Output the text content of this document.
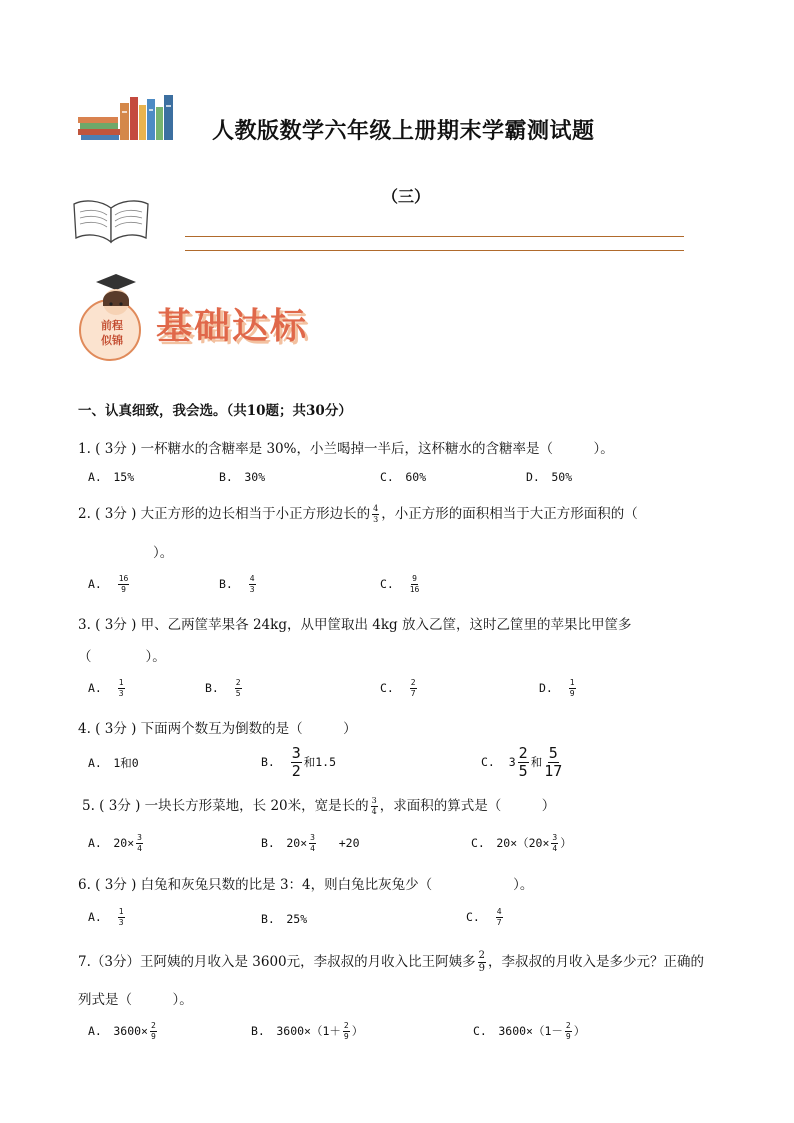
人教版数学六年级上册期末学霸测试题
（三）
前程
似锦 基础达标
一、认真细致，我会选。（共10题；共30分）
1. ( 3分 ) 一杯糖水的含糖率是 30%，小兰喝掉一半后，这杯糖水的含糖率是（　　　）。
A.　15%	B.　30%	C.　60%	D.　50%
2. ( 3分 ) 大正方形的边长相当于小正方形边长的 $\frac{4}{3}$ ，小正方形的面积相当于大正方形面积的（
）。
A. $\frac{16}{9}$	B. $\frac{4}{3}$	C. $\frac{9}{16}$
3. ( 3分 ) 甲、乙两筐苹果各 24kg，从甲筐取出 4kg 放入乙筐，这时乙筐里的苹果比甲筐多
（　　　　）。
A. $\frac{1}{3}$	B. $\frac{2}{5}$	C. $\frac{2}{7}$	D. $\frac{1}{9}$
4. ( 3分 ) 下面两个数互为倒数的是（　　　）
A.　1和0	B. $\frac{3}{2}$ 和1.5	C. $3 \frac{2}{5}$ 和 $\frac{5}{17}$
5. ( 3分 ) 一块长方形菜地，长 20米，宽是长的 $\frac{3}{4}$ ，求面积的算式是（　　　）
A.　$20\times \frac{3}{4}$	B.　$20\times \frac{3}{4} +20$	C.　$20\times(20\times \frac{3}{4}$ ）
6. ( 3分 ) 白兔和灰兔只数的比是 3：4，则白兔比灰兔少（　　　　　　）。
A. $\frac{1}{3}$	B.　25%	C. $\frac{4}{7}$
7.（3分）王阿姨的月收入是 3600元，李叔叔的月收入比王阿姨多 $\frac{2}{9}$ ，李叔叔的月收入是多少元？正确的
列式是（　　　）。
A.　$3600\times \frac{2}{9}$	B.　$3600\times(1+ \frac{2}{9}$ ）	C.　$3600\times(1- \frac{2}{9}$ ）
